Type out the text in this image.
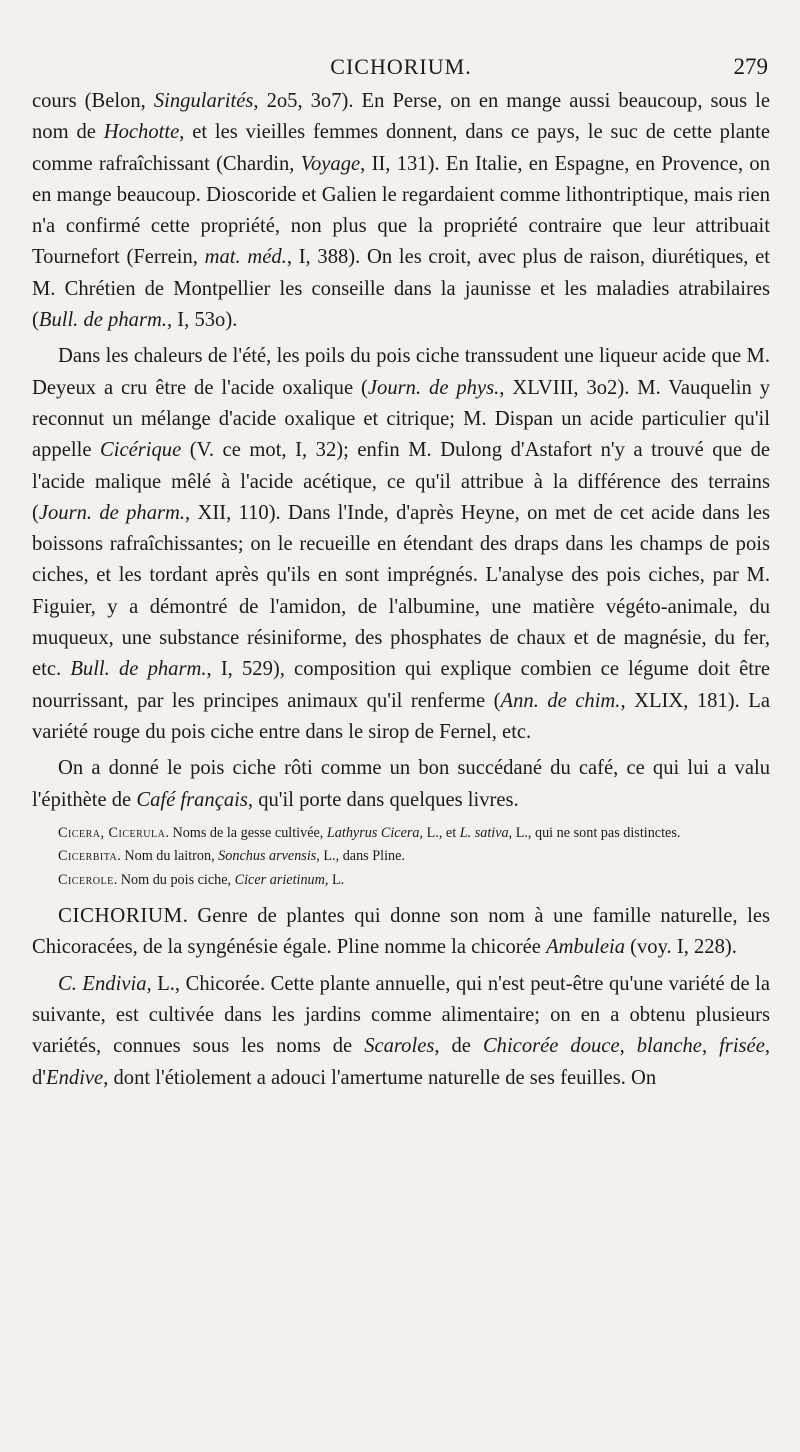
CICHORIUM.	279

cours (Belon, Singularités, 2o5, 3o7). En Perse, on en mange aussi beaucoup, sous le nom de Hochotte, et les vieilles femmes donnent, dans ce pays, le suc de cette plante comme rafraîchissant (Chardin, Voyage, II, 131). En Italie, en Espagne, en Provence, on en mange beaucoup. Dioscoride et Galien le regardaient comme lithontriptique, mais rien n'a confirmé cette propriété, non plus que la propriété contraire que leur attribuait Tournefort (Ferrein, mat. méd., I, 388). On les croit, avec plus de raison, diurétiques, et M. Chrétien de Montpellier les conseille dans la jaunisse et les maladies atrabilaires (Bull. de pharm., I, 53o).

Dans les chaleurs de l'été, les poils du pois ciche transsudent une liqueur acide que M. Deyeux a cru être de l'acide oxalique (Journ. de phys., XLVIII, 3o2). M. Vauquelin y reconnut un mélange d'acide oxalique et citrique; M. Dispan un acide particulier qu'il appelle Cicérique (V. ce mot, I, 32); enfin M. Dulong d'Astafort n'y a trouvé que de l'acide malique mêlé à l'acide acétique, ce qu'il attribue à la différence des terrains (Journ. de pharm., XII, 110). Dans l'Inde, d'après Heyne, on met de cet acide dans les boissons rafraîchissantes; on le recueille en étendant des draps dans les champs de pois ciches, et les tordant après qu'ils en sont imprégnés. L'analyse des pois ciches, par M. Figuier, y a démontré de l'amidon, de l'albumine, une matière végéto-animale, du muqueux, une substance résiniforme, des phosphates de chaux et de magnésie, du fer, etc. Bull. de pharm., I, 529), composition qui explique combien ce légume doit être nourrissant, par les principes animaux qu'il renferme (Ann. de chim., XLIX, 181). La variété rouge du pois ciche entre dans le sirop de Fernel, etc.

On a donné le pois ciche rôti comme un bon succédané du café, ce qui lui a valu l'épithète de Café français, qu'il porte dans quelques livres.

Cicera, Cicerula. Noms de la gesse cultivée, Lathyrus Cicera, L., et L. sativa, L., qui ne sont pas distinctes.

Cicerbita. Nom du laitron, Sonchus arvensis, L., dans Pline.

Cicerole. Nom du pois ciche, Cicer arietinum, L.

CICHORIUM. Genre de plantes qui donne son nom à une famille naturelle, les Chicoracées, de la syngénésie égale. Pline nomme la chicorée Ambuleia (voy. I, 228).

C. Endivia, L., Chicorée. Cette plante annuelle, qui n'est peut-être qu'une variété de la suivante, est cultivée dans les jardins comme alimentaire; on en a obtenu plusieurs variétés, connues sous les noms de Scaroles, de Chicorée douce, blanche, frisée, d'Endive, dont l'étiolement a adouci l'amertume naturelle de ses feuilles. On
